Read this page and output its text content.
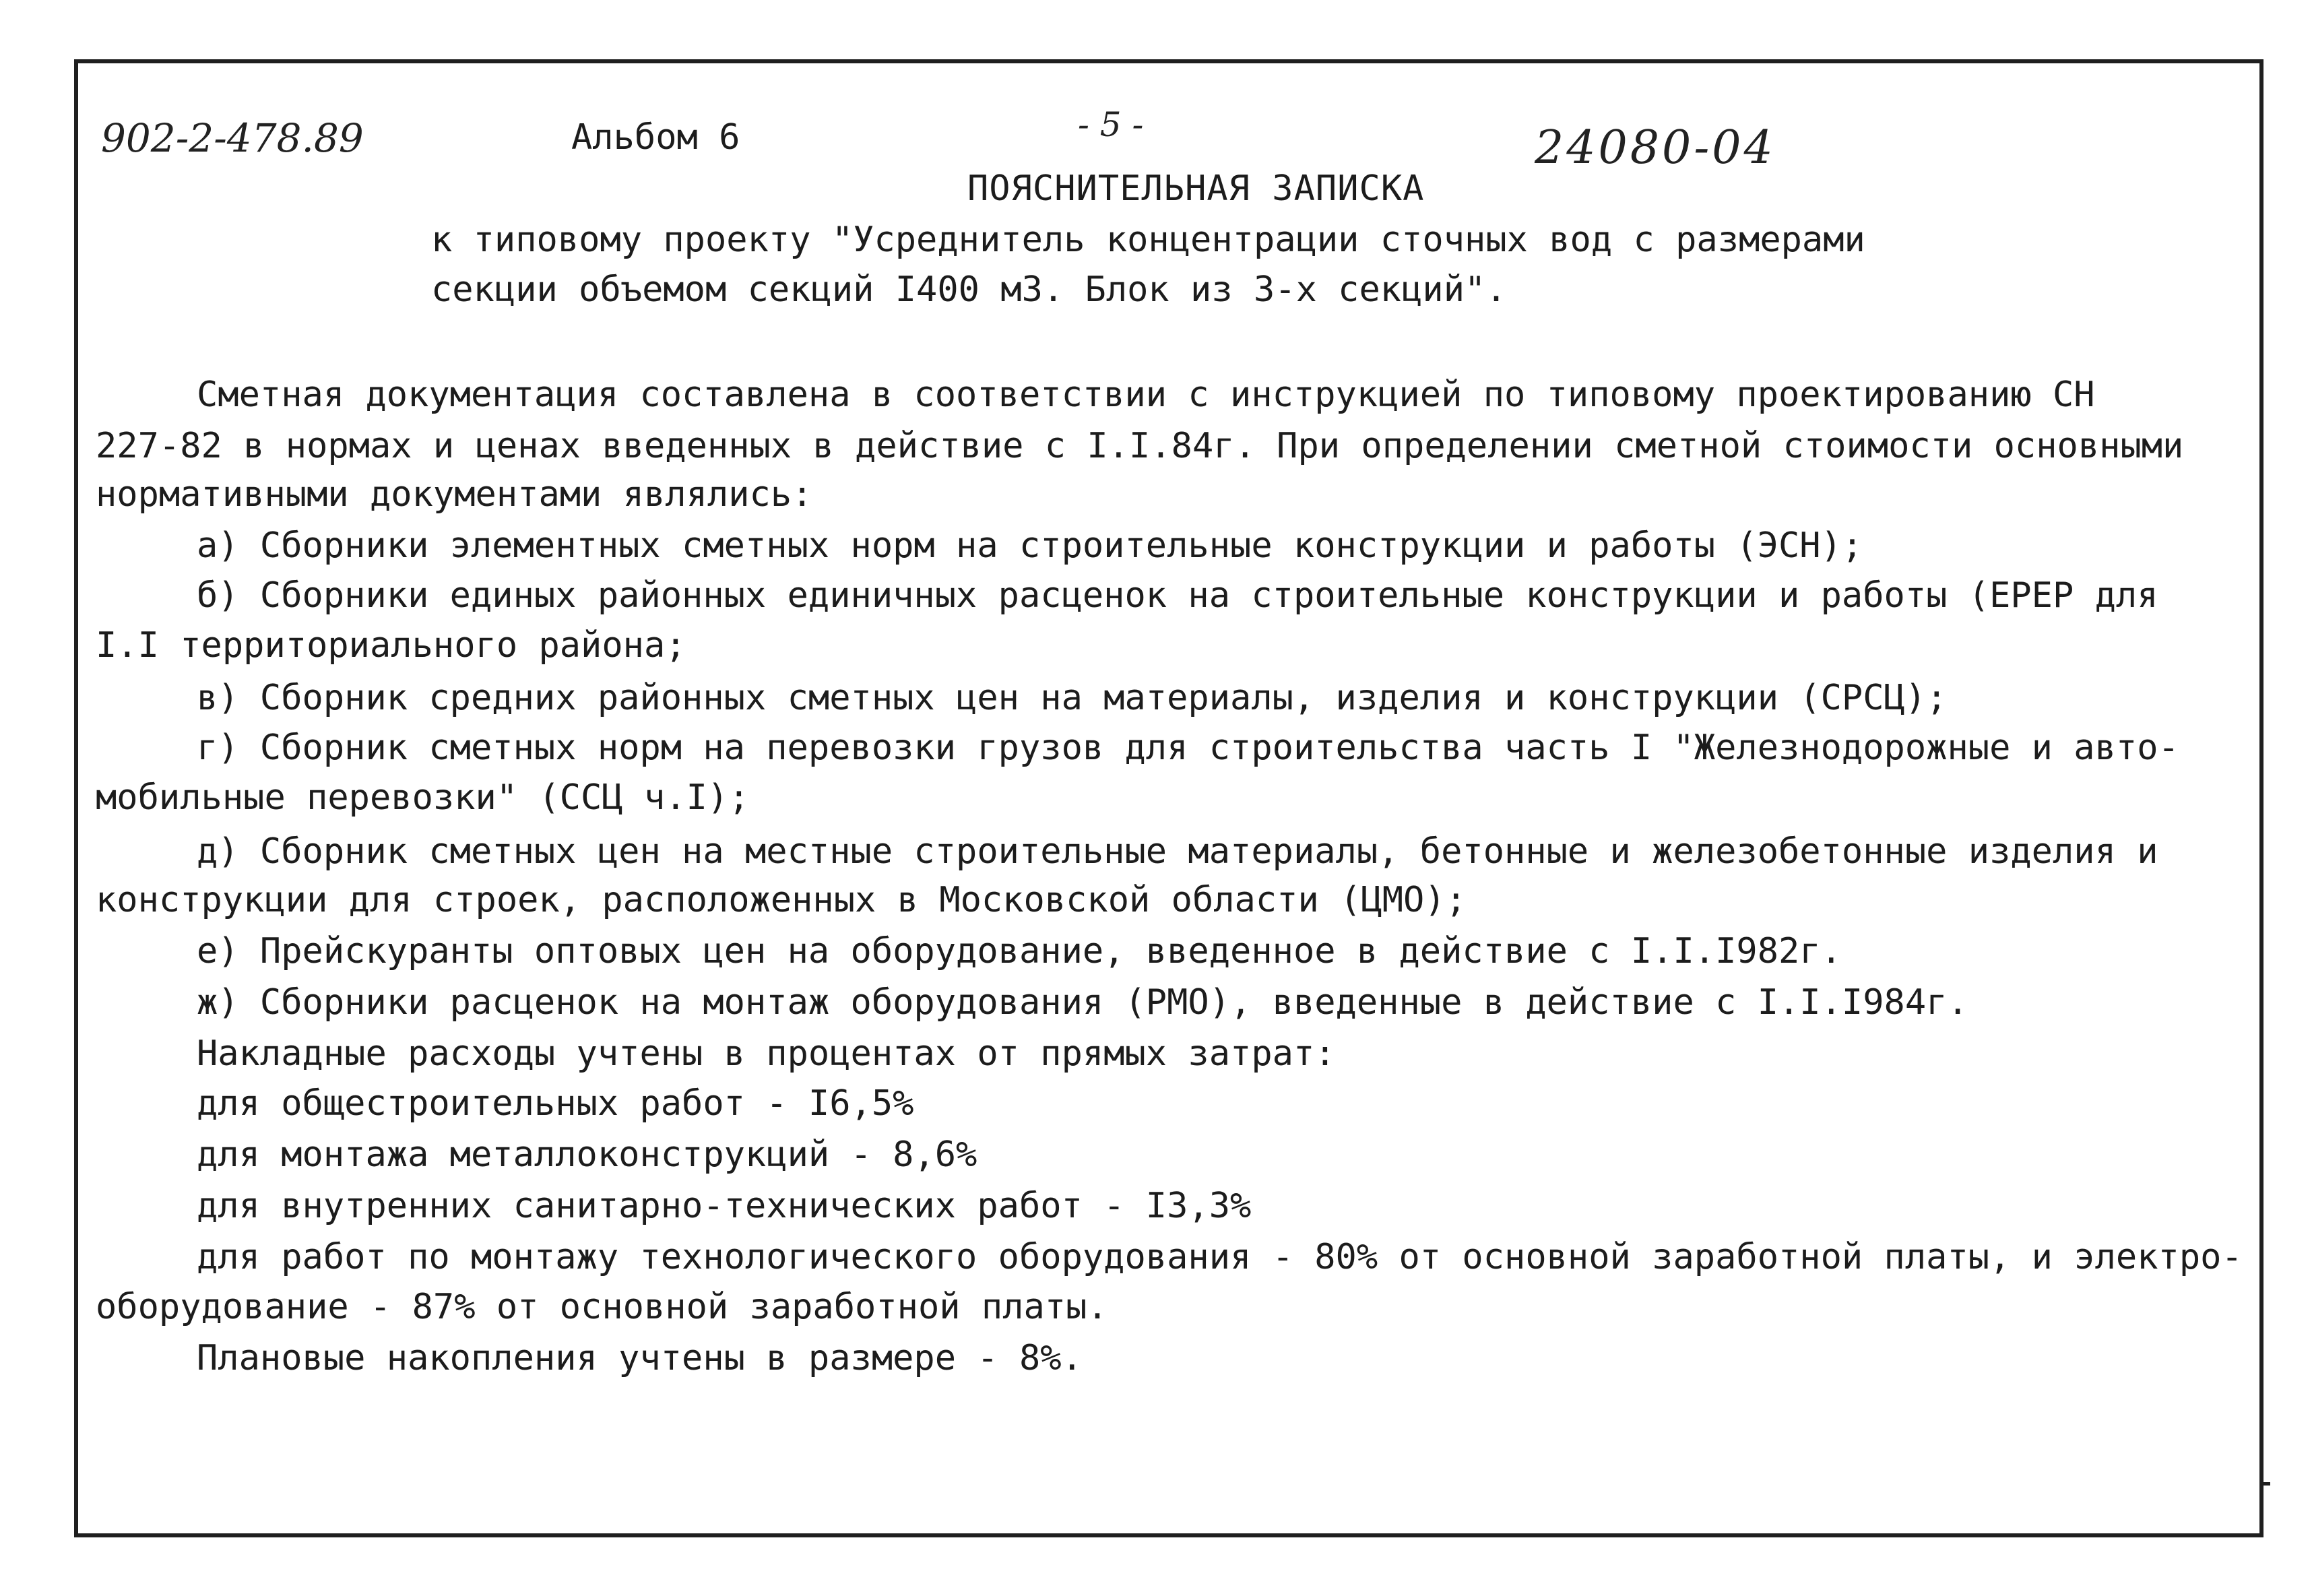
902-2-478.89	Альбом 6	- 5 -	24080-04
ПОЯСНИТЕЛЬНАЯ ЗАПИСКА
к типовому проекту "Усреднитель концентрации сточных вод с размерами
секции объемом секций I400 м3. Блок из 3-х секций".
Сметная документация составлена в соответствии с инструкцией по типовому проектированию СН
227-82 в нормах и ценах введенных в действие с I.I.84г. При определении сметной стоимости основными
нормативными документами являлись:
а) Сборники элементных сметных норм на строительные конструкции и работы (ЭСН);
б) Сборники единых районных единичных расценок на строительные конструкции и работы (ЕРЕР для
I.I территориального района;
в) Сборник средних районных сметных цен на материалы, изделия и конструкции (СРСЦ);
г) Сборник сметных норм на перевозки грузов для строительства часть I "Железнодорожные и авто-
мобильные перевозки" (ССЦ ч.I);
д) Сборник сметных цен на местные строительные материалы, бетонные и железобетонные изделия и
конструкции для строек, расположенных в Московской области (ЦМО);
е) Прейскуранты оптовых цен на оборудование, введенное в действие с I.I.I982г.
ж) Сборники расценок на монтаж оборудования (РМО), введенные в действие с I.I.I984г.
Накладные расходы учтены в процентах от прямых затрат:
для общестроительных работ - I6,5%
для монтажа металлоконструкций - 8,6%
для внутренних санитарно-технических работ - I3,3%
для работ по монтажу технологического оборудования - 80% от основной заработной платы, и электро-
оборудование - 87% от основной заработной платы.
Плановые накопления учтены в размере - 8%.
